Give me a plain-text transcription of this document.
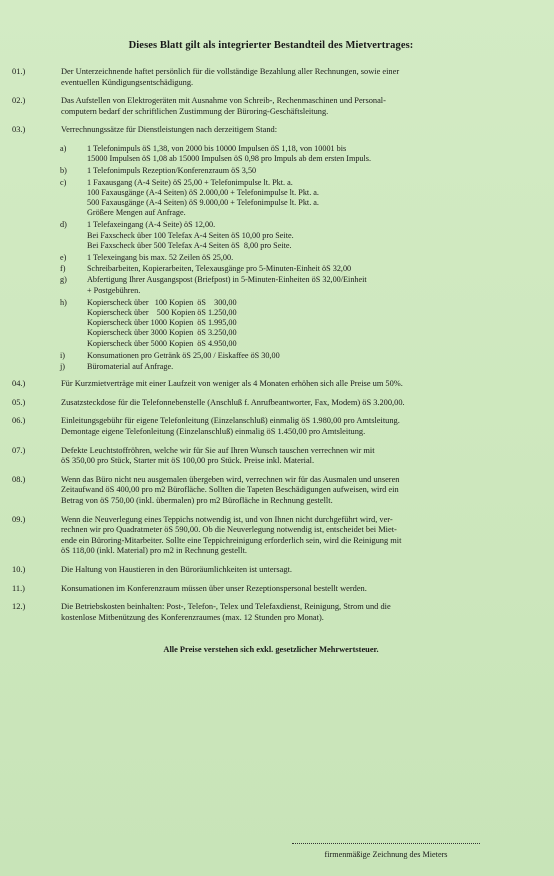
Dieses Blatt gilt als integrierter Bestandteil des Mietvertrages:
01.)	Der Unterzeichnende haftet persönlich für die vollständige Bezahlung aller Rechnungen, sowie einer
eventuellen Kündigungsentschädigung.
02.)	Das Aufstellen von Elektrogeräten mit Ausnahme von Schreib-, Rechenmaschinen und Personal-
computern bedarf der schriftlichen Zustimmung der Büroring-Geschäftsleitung.
03.)	Verrechnungssätze für Dienstleistungen nach derzeitigem Stand:
a)	1 Telefonimpuls öS 1,38, von 2000 bis 10000 Impulsen öS 1,18, von 10001 bis
15000 Impulsen öS 1,08 ab 15000 Impulsen öS 0,98 pro Impuls ab dem ersten Impuls.
b) 1 Telefonimpuls Rezeption/Konferenzraum öS 3,50
c)	1 Faxausgang (A-4 Seite) öS 25,00 + Telefonimpulse lt. Pkt. a.
100 Faxausgänge (A-4 Seiten) öS 2.000,00 + Telefonimpulse lt. Pkt. a.
500 Faxausgänge (A-4 Seiten) öS 9.000,00 + Telefonimpulse lt. Pkt. a.
Größere Mengen auf Anfrage.
d) 1 Telefaxeingang (A-4 Seite) öS 12,00.
Bei Faxscheck über 100 Telefax A-4 Seiten öS 10,00 pro Seite.
Bei Faxscheck über 500 Telefax A-4 Seiten öS  8,00 pro Seite.
e)	1 Telexeingang bis max. 52 Zeilen öS 25,00.
f)	Schreibarbeiten, Kopierarbeiten, Telexausgänge pro 5-Minuten-Einheit öS 32,00
g) Abfertigung Ihrer Ausgangspost (Briefpost) in 5-Minuten-Einheiten öS 32,00/Einheit
+ Postgebühren.
h) Kopierscheck über   100 Kopien  öS    300,00
Kopierscheck über    500 Kopien öS 1.250,00
Kopierscheck über 1000 Kopien  öS 1.995,00
Kopierscheck über 3000 Kopien  öS 3.250,00
Kopierscheck über 5000 Kopien  öS 4.950,00
i)	Konsumationen pro Getränk öS 25,00 / Eiskaffee öS 30,00
j)	Büromaterial auf Anfrage.
04.)	Für Kurzmietverträge mit einer Laufzeit von weniger als 4 Monaten erhöhen sich alle Preise um 50%.
05.)	Zusatzsteckdose für die Telefonnebenstelle (Anschluß f. Anrufbeantworter, Fax, Modem) öS 3.200,00.
06.)	Einleitungsgebühr für eigene Telefonleitung (Einzelanschluß) einmalig öS 1.980,00 pro Amtsleitung.
Demontage eigene Telefonleitung (Einzelanschluß) einmalig öS 1.450,00 pro Amtsleitung.
07.)	Defekte Leuchtstoffröhren, welche wir für Sie auf Ihren Wunsch tauschen verrechnen wir mit
öS 350,00 pro Stück, Starter mit öS 100,00 pro Stück. Preise inkl. Material.
08.)	Wenn das Büro nicht neu ausgemalen übergeben wird, verrechnen wir für das Ausmalen und unseren
Zeitaufwand öS 400,00 pro m2 Bürofläche. Sollten die Tapeten Beschädigungen aufweisen, wird ein
Betrag von öS 750,00 (inkl. übermalen) pro m2 Bürofläche in Rechnung gestellt.
09.)	Wenn die Neuverlegung eines Teppichs notwendig ist, und von Ihnen nicht durchgeführt wird, ver-
rechnen wir pro Quadratmeter öS 590,00. Ob die Neuverlegung notwendig ist, entscheidet bei Miet-
ende ein Büroring-Mitarbeiter. Sollte eine Teppichreinigung erforderlich sein, wird die Reinigung mit
öS 118,00 (inkl. Material) pro m2 in Rechnung gestellt.
10.)	Die Haltung von Haustieren in den Büroräumlichkeiten ist untersagt.
11.)	Konsumationen im Konferenzraum müssen über unser Rezeptionspersonal bestellt werden.
12.)	Die Betriebskosten beinhalten: Post-, Telefon-, Telex und Telefaxdienst, Reinigung, Strom und die
kostenlose Mitbenützung des Konferenzraumes (max. 12 Stunden pro Monat).
Alle Preise verstehen sich exkl. gesetzlicher Mehrwertsteuer.
firmenmäßige Zeichnung des Mieters
